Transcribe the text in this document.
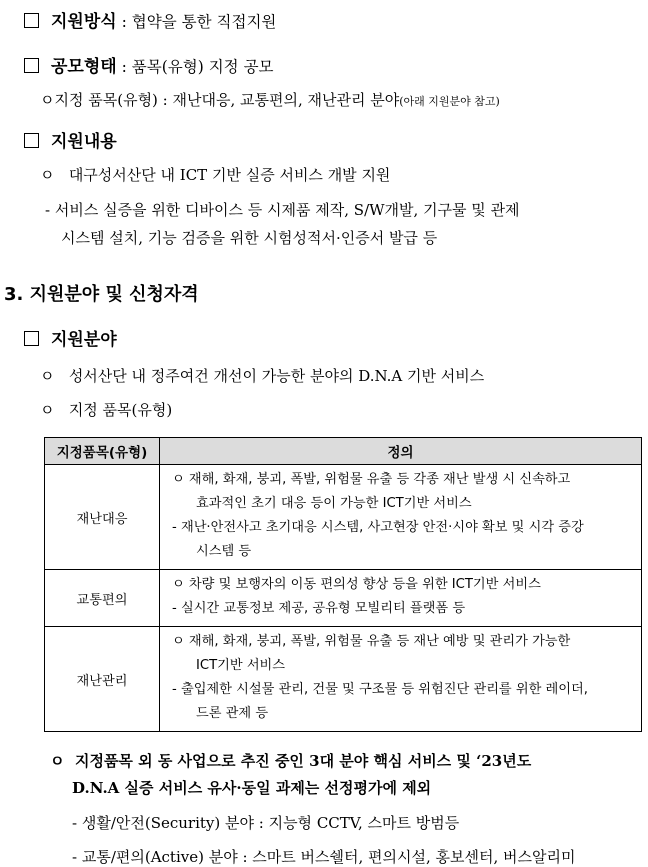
지원방식 : 협약을 통한 직접지원
공모형태 : 품목(유형) 지정 공모
ㅇ지정 품목(유형) : 재난대응, 교통편의, 재난관리 분야(아래 지원분야 참고)
지원내용
ㅇ 대구성서산단 내 ICT 기반 실증 서비스 개발 지원
- 서비스 실증을 위한 디바이스 등 시제품 제작, S/W개발, 기구물 및 관제
시스템 설치, 기능 검증을 위한 시험성적서·인증서 발급 등
3. 지원분야 및 신청자격
지원분야
ㅇ 성서산단 내 정주여건 개선이 가능한 분야의 D.N.A 기반 서비스
ㅇ 지정 품목(유형)
지정품목(유형)	정의
재난대응	ㅇ 재해, 화재, 붕괴, 폭발, 위험물 유출 등 각종 재난 발생 시 신속하고
효과적인 초기 대응 등이 가능한 ICT기반 서비스
- 재난·안전사고 초기대응 시스템, 사고현장 안전·시야 확보 및 시각 증강
시스템 등

교통편의	ㅇ 차량 및 보행자의 이동 편의성 향상 등을 위한 ICT기반 서비스
- 실시간 교통정보 제공, 공유형 모빌리티 플랫폼 등

재난관리	ㅇ 재해, 화재, 붕괴, 폭발, 위험물 유출 등 재난 예방 및 관리가 가능한
ICT기반 서비스
- 출입제한 시설물 관리, 건물 및 구조물 등 위험진단 관리를 위한 레이더,
드론 관제 등
ㅇ 지정품목 외 동 사업으로 추진 중인 3대 분야 핵심 서비스 및 ‘23년도
D.N.A 실증 서비스 유사·동일 과제는 선정평가에 제외
- 생활/안전(Security) 분야 : 지능형 CCTV, 스마트 방범등
- 교통/편의(Active) 분야 : 스마트 버스쉘터, 편의시설, 홍보센터, 버스알리미
